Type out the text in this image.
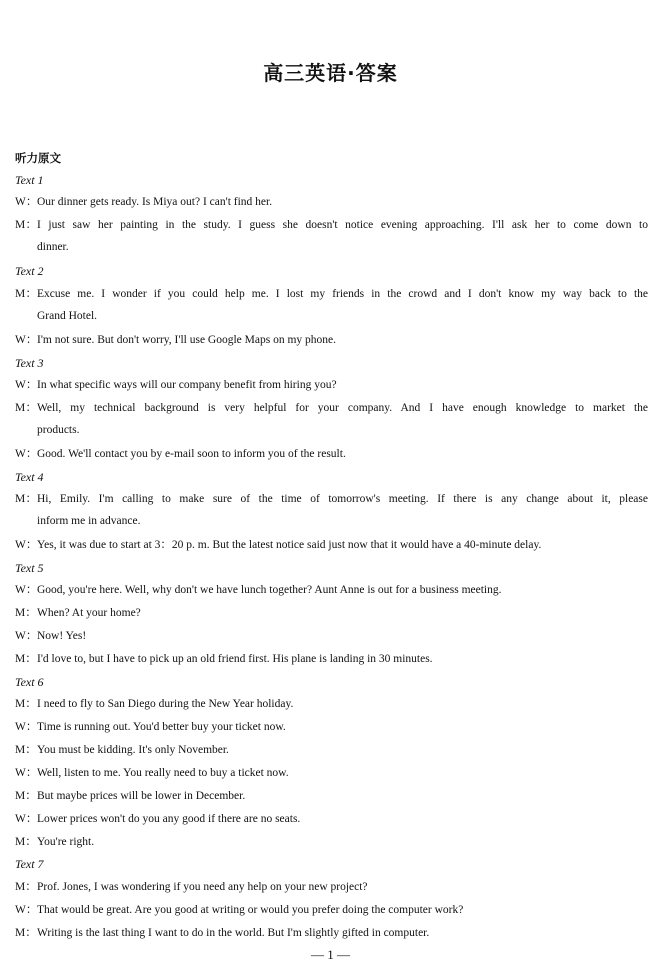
高三英语·答案
听力原文
Text 1
W：Our dinner gets ready. Is Miya out? I can't find her.
M：I just saw her painting in the study. I guess she doesn't notice evening approaching. I'll ask her to come down to
dinner.
Text 2
M：Excuse me. I wonder if you could help me. I lost my friends in the crowd and I don't know my way back to the
Grand Hotel.
W：I'm not sure. But don't worry, I'll use Google Maps on my phone.
Text 3
W：In what specific ways will our company benefit from hiring you?
M：Well, my technical background is very helpful for your company. And I have enough knowledge to market the
products.
W：Good. We'll contact you by e-mail soon to inform you of the result.
Text 4
M：Hi, Emily. I'm calling to make sure of the time of tomorrow's meeting. If there is any change about it, please
inform me in advance.
W：Yes, it was due to start at 3：20 p. m. But the latest notice said just now that it would have a 40-minute delay.
Text 5
W：Good, you're here. Well, why don't we have lunch together? Aunt Anne is out for a business meeting.
M：When? At your home?
W：Now! Yes!
M：I'd love to, but I have to pick up an old friend first. His plane is landing in 30 minutes.
Text 6
M：I need to fly to San Diego during the New Year holiday.
W：Time is running out. You'd better buy your ticket now.
M：You must be kidding. It's only November.
W：Well, listen to me. You really need to buy a ticket now.
M：But maybe prices will be lower in December.
W：Lower prices won't do you any good if there are no seats.
M：You're right.
Text 7
M：Prof. Jones, I was wondering if you need any help on your new project?
W：That would be great. Are you good at writing or would you prefer doing the computer work?
M：Writing is the last thing I want to do in the world. But I'm slightly gifted in computer.
— 1 —
